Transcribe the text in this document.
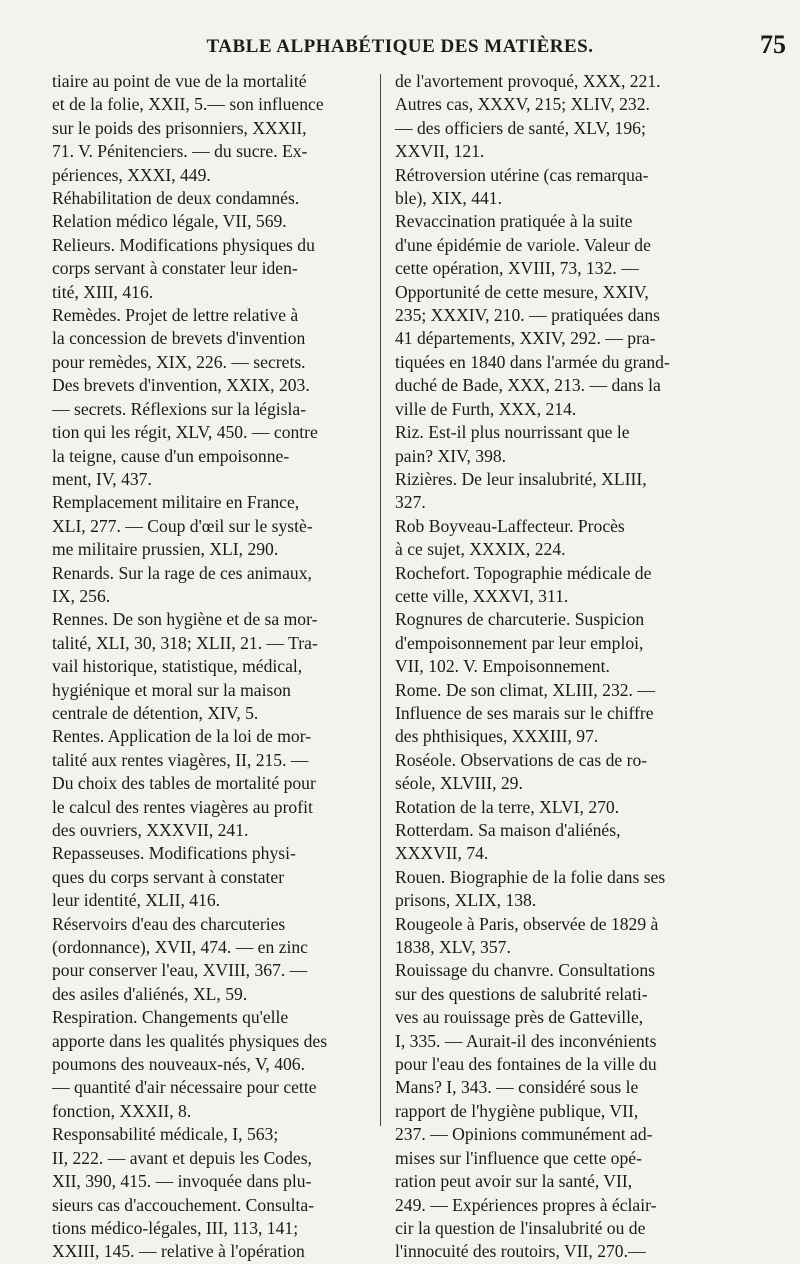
TABLE ALPHABÉTIQUE DES MATIÈRES.	75
tiaire au point de vue de la mortalité
et de la folie, XXII, 5.— son influence
sur le poids des prisonniers, XXXII,
71. V. Pénitenciers. — du sucre. Ex-
périences, XXXI, 449.
Réhabilitation de deux condamnés.
Relation médico légale, VII, 569.
Relieurs. Modifications physiques du
corps servant à constater leur iden-
tité, XIII, 416.
Remèdes. Projet de lettre relative à
la concession de brevets d'invention
pour remèdes, XIX, 226. — secrets.
Des brevets d'invention, XXIX, 203.
— secrets. Réflexions sur la législa-
tion qui les régit, XLV, 450. — contre
la teigne, cause d'un empoisonne-
ment, IV, 437.
Remplacement militaire en France,
XLI, 277. — Coup d'œil sur le systè-
me militaire prussien, XLI, 290.
Renards. Sur la rage de ces animaux,
IX, 256.
Rennes. De son hygiène et de sa mor-
talité, XLI, 30, 318; XLII, 21. — Tra-
vail historique, statistique, médical,
hygiénique et moral sur la maison
centrale de détention, XIV, 5.
Rentes. Application de la loi de mor-
talité aux rentes viagères, II, 215. —
Du choix des tables de mortalité pour
le calcul des rentes viagères au profit
des ouvriers, XXXVII, 241.
Repasseuses. Modifications physi-
ques du corps servant à constater
leur identité, XLII, 416.
Réservoirs d'eau des charcuteries
(ordonnance), XVII, 474. — en zinc
pour conserver l'eau, XVIII, 367. —
des asiles d'aliénés, XL, 59.
Respiration. Changements qu'elle
apporte dans les qualités physiques des
poumons des nouveaux-nés, V, 406.
— quantité d'air nécessaire pour cette
fonction, XXXII, 8.
Responsabilité médicale, I, 563;
II, 222. — avant et depuis les Codes,
XII, 390, 415. — invoquée dans plu-
sieurs cas d'accouchement. Consulta-
tions médico-légales, III, 113, 141;
XXIII, 145. — relative à l'opération
de l'avortement provoqué, XXX, 221.
Autres cas, XXXV, 215; XLIV, 232.
— des officiers de santé, XLV, 196;
XXVII, 121.
Rétroversion utérine (cas remarqua-
ble), XIX, 441.
Revaccination pratiquée à la suite
d'une épidémie de variole. Valeur de
cette opération, XVIII, 73, 132. —
Opportunité de cette mesure, XXIV,
235; XXXIV, 210. — pratiquées dans
41 départements, XXIV, 292. — pra-
tiquées en 1840 dans l'armée du grand-
duché de Bade, XXX, 213. — dans la
ville de Furth, XXX, 214.
Riz. Est-il plus nourrissant que le
pain? XIV, 398.
Rizières. De leur insalubrité, XLIII,
327.
Rob Boyveau-Laffecteur. Procès
à ce sujet, XXXIX, 224.
Rochefort. Topographie médicale de
cette ville, XXXVI, 311.
Rognures de charcuterie. Suspicion
d'empoisonnement par leur emploi,
VII, 102. V. Empoisonnement.
Rome. De son climat, XLIII, 232. —
Influence de ses marais sur le chiffre
des phthisiques, XXXIII, 97.
Roséole. Observations de cas de ro-
séole, XLVIII, 29.
Rotation de la terre, XLVI, 270.
Rotterdam. Sa maison d'aliénés,
XXXVII, 74.
Rouen. Biographie de la folie dans ses
prisons, XLIX, 138.
Rougeole à Paris, observée de 1829 à
1838, XLV, 357.
Rouissage du chanvre. Consultations
sur des questions de salubrité relati-
ves au rouissage près de Gatteville,
I, 335. — Aurait-il des inconvénients
pour l'eau des fontaines de la ville du
Mans? I, 343. — considéré sous le
rapport de l'hygiène publique, VII,
237. — Opinions communément ad-
mises sur l'influence que cette opé-
ration peut avoir sur la santé, VII,
249. — Expériences propres à éclair-
cir la question de l'insalubrité ou de
l'innocuité des routoirs, VII, 270.—
